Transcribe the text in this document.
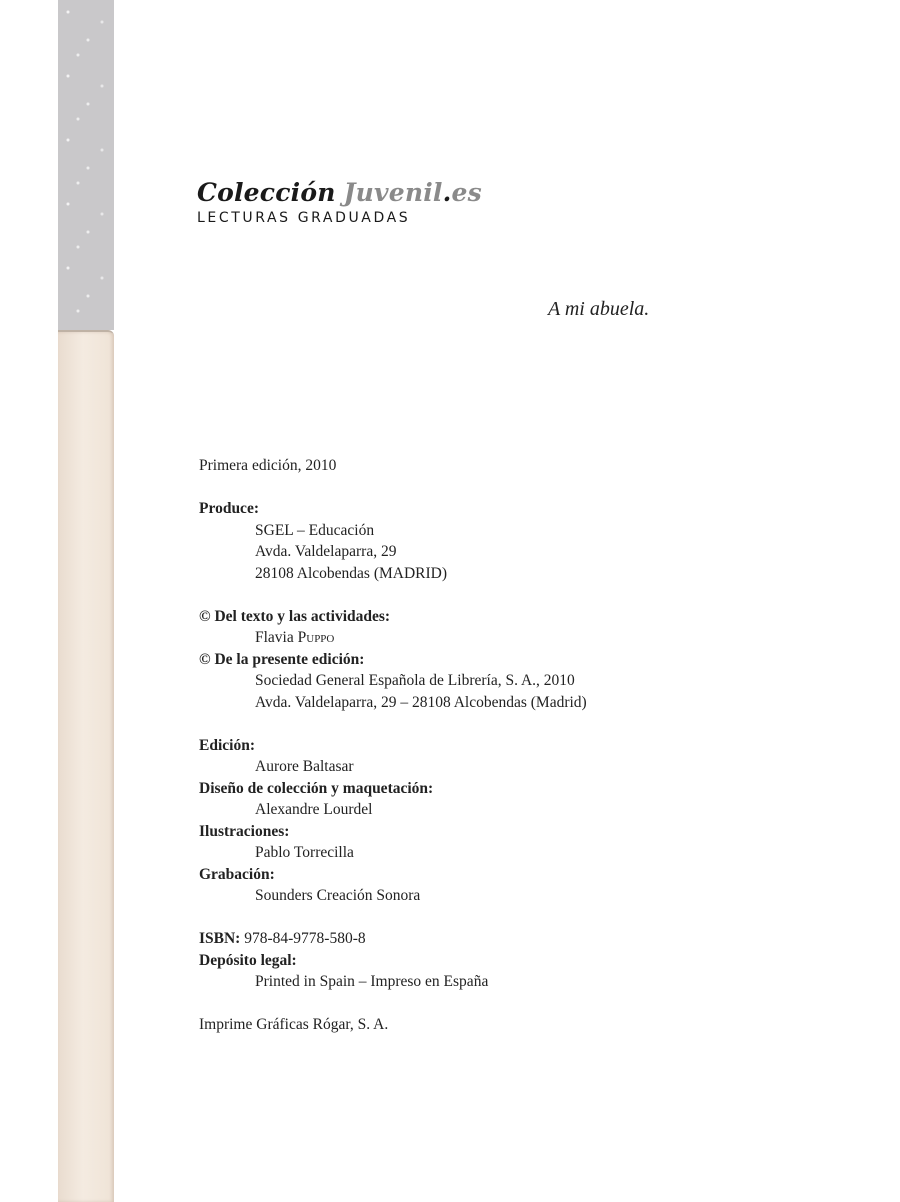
Colección Juvenil.es
LECTURAS GRADUADAS
A mi abuela.

Primera edición, 2010

Produce:

SGEL – Educación

Avda. Valdelaparra, 29

28108 Alcobendas (MADRID)

© Del texto y las actividades:

Flavia Puppo

© De la presente edición:

Sociedad General Española de Librería, S. A., 2010

Avda. Valdelaparra, 29 – 28108 Alcobendas (Madrid)

Edición:

Aurore Baltasar

Diseño de colección y maquetación:

Alexandre Lourdel

Ilustraciones:

Pablo Torrecilla

Grabación:

Sounders Creación Sonora

ISBN: 978-84-9778-580-8

Depósito legal:

Printed in Spain – Impreso en España

Imprime Gráficas Rógar, S. A.
